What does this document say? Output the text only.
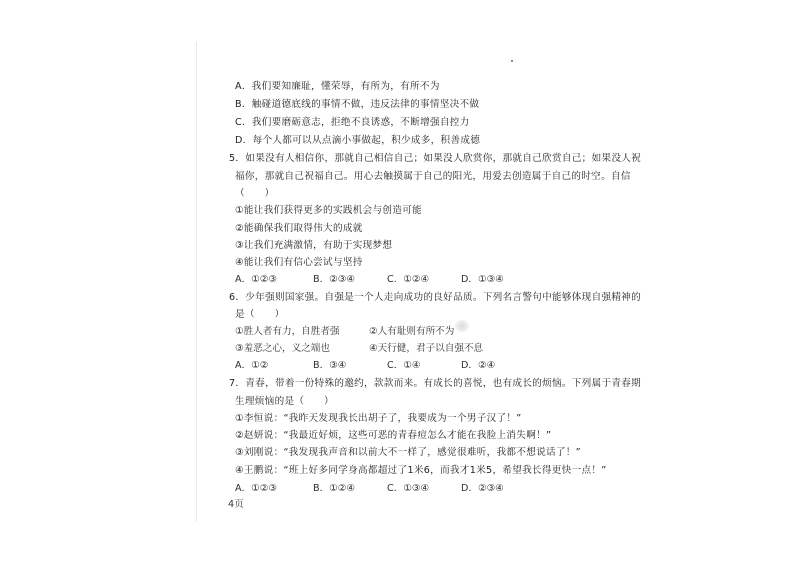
A．我们要知廉耻，懂荣辱，有所为，有所不为
B．触碰道德底线的事情不做，违反法律的事情坚决不做
C．我们要磨砺意志，拒绝不良诱惑，不断增强自控力
D．每个人都可以从点滴小事做起，积少成多，积善成德
5．如果没有人相信你，那就自己相信自己；如果没人欣赏你，那就自己欣赏自己；如果没人祝
福你，那就自己祝福自己。用心去触摸属于自己的阳光，用爱去创造属于自己的时空。自信
（　　）
①能让我们获得更多的实践机会与创造可能
②能确保我们取得伟大的成就
③让我们充满激情，有助于实现梦想
④能让我们有信心尝试与坚持
A．①②③	B．②③④	C．①②④	D．①③④
6．少年强则国家强。自强是一个人走向成功的良好品质。下列名言警句中能够体现自强精神的
是（　　）
①胜人者有力，自胜者强	②人有耻则有所不为
③羞恶之心，义之端也	④天行健，君子以自强不息
A．①②	B．③④	C．①④	D．②④
7．青春，带着一份特殊的邀约，款款而来。有成长的喜悦，也有成长的烦恼。下列属于青春期
生理烦恼的是（　　）
①李恒说：“我昨天发现我长出胡子了，我要成为一个男子汉了！”
②赵妍说：“我最近好烦，这些可恶的青春痘怎么才能在我脸上消失啊！”
③刘刚说：“我发现我声音和以前大不一样了，感觉很难听，我都不想说话了！”
④王鹏说：“班上好多同学身高都超过了1米6，而我才1米5，希望我长得更快一点！”
A．①②③	B．①②④	C．①③④	D．②③④
4页
